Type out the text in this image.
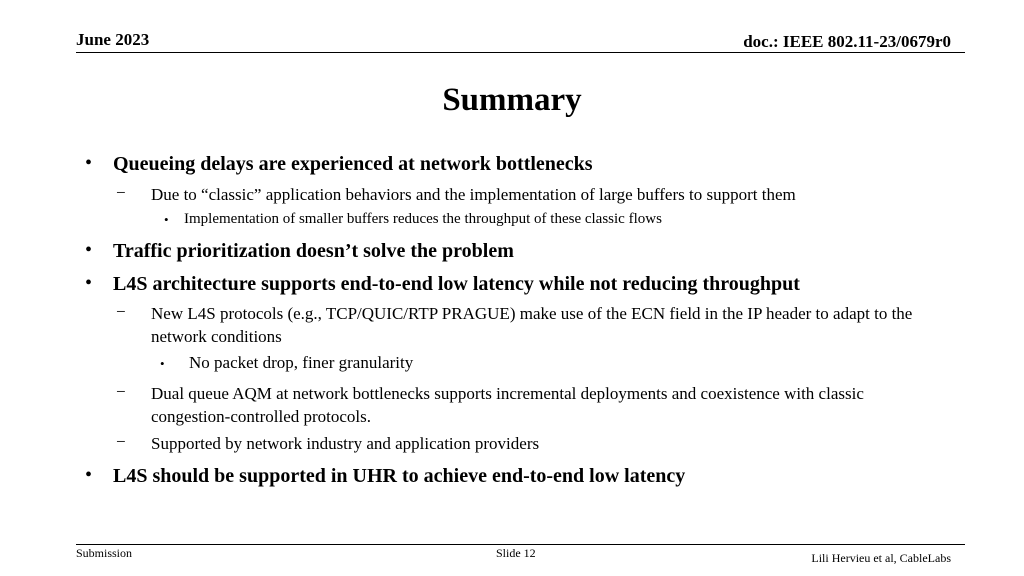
June 2023	doc.: IEEE 802.11-23/0679r0
Summary
• Queueing delays are experienced at network bottlenecks
− Due to “classic” application behaviors and the implementation of large buffers to support them
• Implementation of smaller buffers reduces the throughput of these classic flows
• Traffic prioritization doesn’t solve the problem
• L4S architecture supports end-to-end low latency while not reducing throughput
− New L4S protocols (e.g., TCP/QUIC/RTP PRAGUE) make use of the ECN field in the IP header to adapt to the network conditions
• No packet drop, finer granularity
− Dual queue AQM at network bottlenecks supports incremental deployments and coexistence with classic congestion-controlled protocols.
− Supported by network industry and application providers
• L4S should be supported in UHR to achieve end-to-end low latency
Submission	Slide 12	Lili Hervieu et al, CableLabs
